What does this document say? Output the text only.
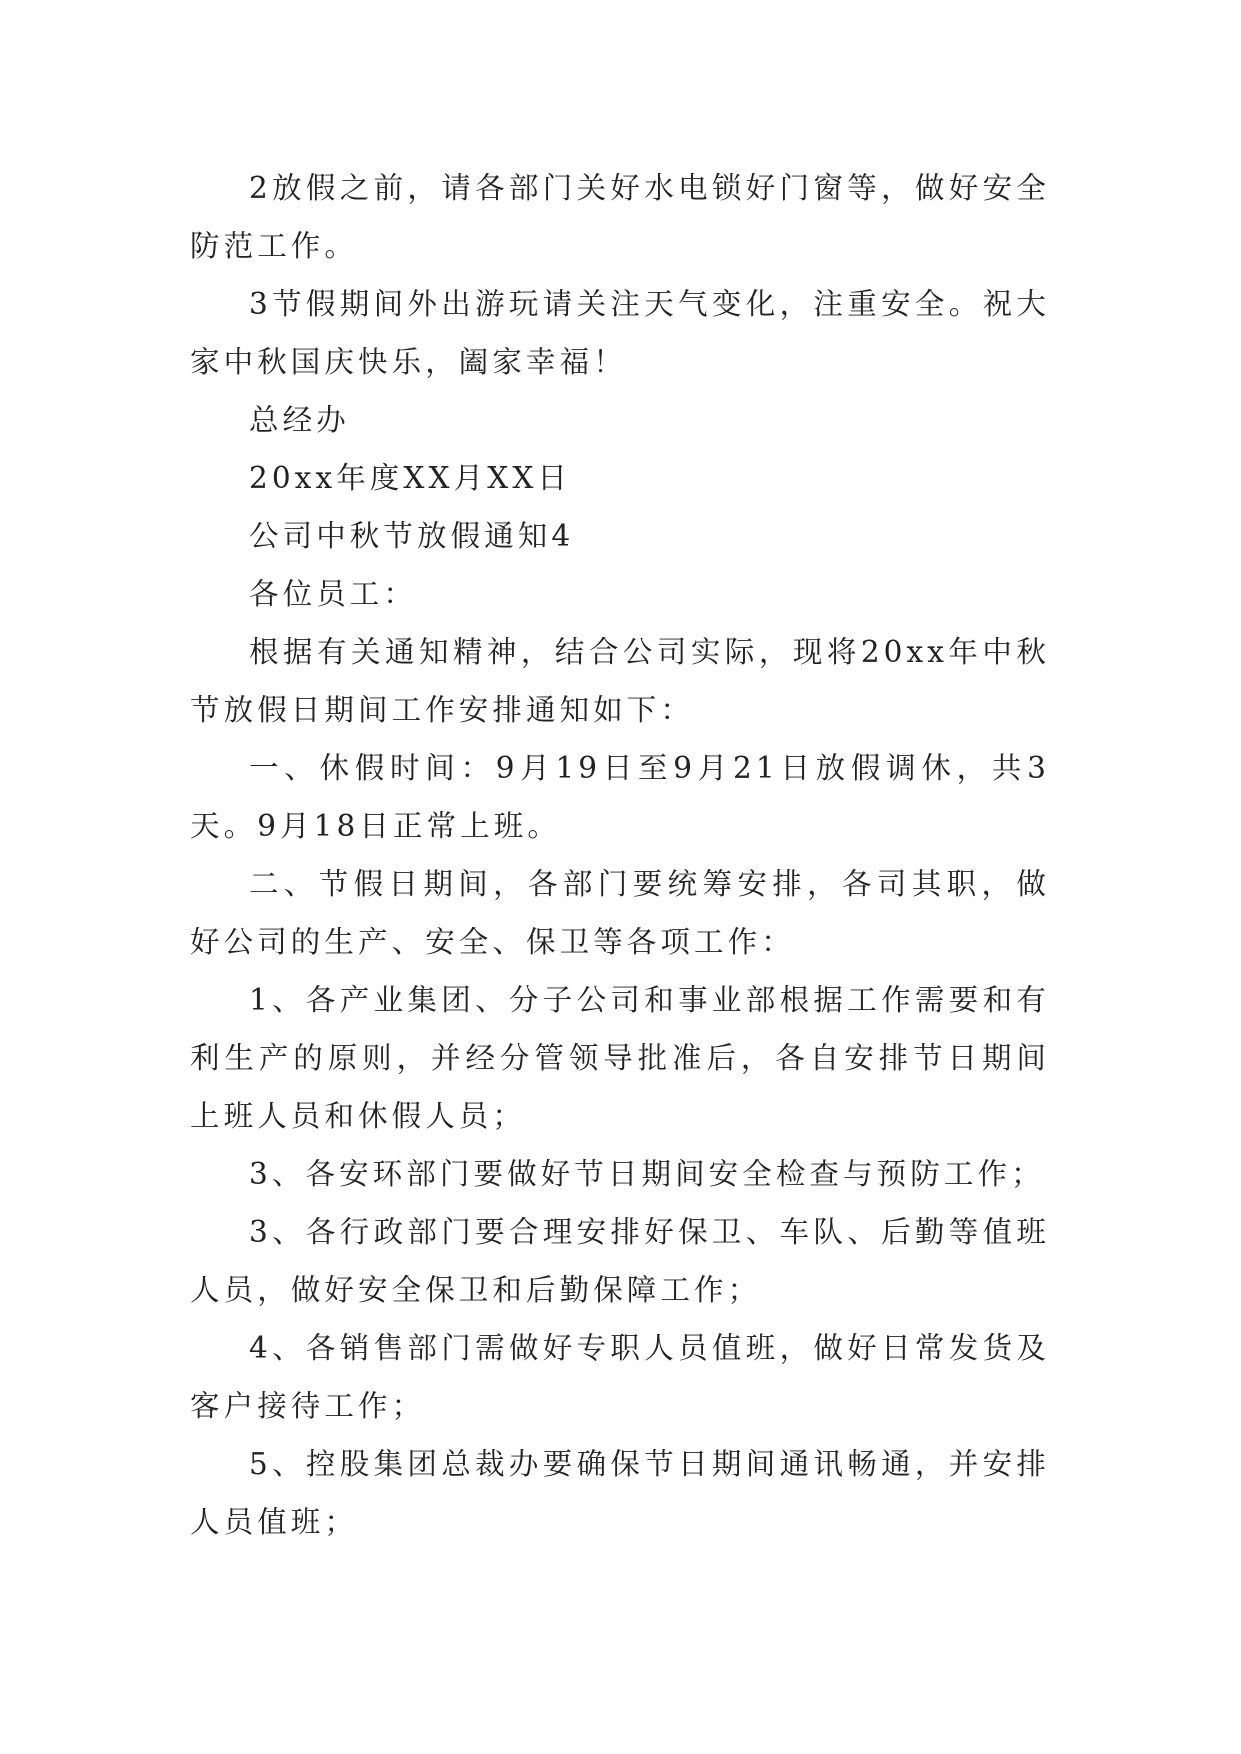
2放假之前，请各部门关好水电锁好门窗等，做好安全防范工作。

3节假期间外出游玩请关注天气变化，注重安全。祝大家中秋国庆快乐，阖家幸福！

总经办

20xx年度XX月XX日

公司中秋节放假通知4

各位员工：

根据有关通知精神，结合公司实际，现将20xx年中秋节放假日期间工作安排通知如下：

一、休假时间：9月19日至9月21日放假调休，共3天。9月18日正常上班。

二、节假日期间，各部门要统筹安排，各司其职，做好公司的生产、安全、保卫等各项工作：

1、各产业集团、分子公司和事业部根据工作需要和有利生产的原则，并经分管领导批准后，各自安排节日期间上班人员和休假人员；

3、各安环部门要做好节日期间安全检查与预防工作；

3、各行政部门要合理安排好保卫、车队、后勤等值班人员，做好安全保卫和后勤保障工作；

4、各销售部门需做好专职人员值班，做好日常发货及客户接待工作；

5、控股集团总裁办要确保节日期间通讯畅通，并安排人员值班；
